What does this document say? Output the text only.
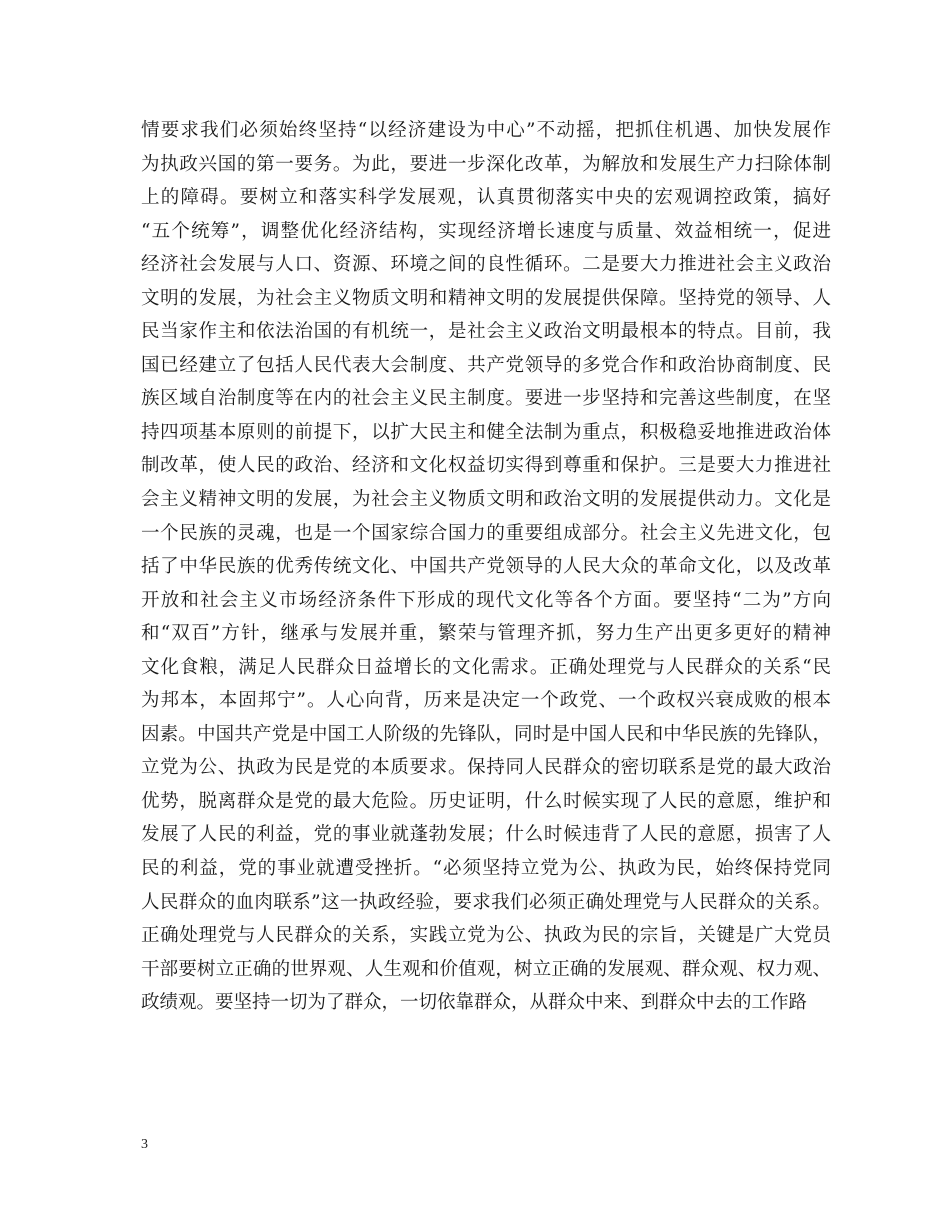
情要求我们必须始终坚持“以经济建设为中心”不动摇，把抓住机遇、加快发展作
为执政兴国的第一要务。为此，要进一步深化改革，为解放和发展生产力扫除体制
上的障碍。要树立和落实科学发展观，认真贯彻落实中央的宏观调控政策，搞好
“五个统筹”，调整优化经济结构，实现经济增长速度与质量、效益相统一，促进
经济社会发展与人口、资源、环境之间的良性循环。二是要大力推进社会主义政治
文明的发展，为社会主义物质文明和精神文明的发展提供保障。坚持党的领导、人
民当家作主和依法治国的有机统一，是社会主义政治文明最根本的特点。目前，我
国已经建立了包括人民代表大会制度、共产党领导的多党合作和政治协商制度、民
族区域自治制度等在内的社会主义民主制度。要进一步坚持和完善这些制度，在坚
持四项基本原则的前提下，以扩大民主和健全法制为重点，积极稳妥地推进政治体
制改革，使人民的政治、经济和文化权益切实得到尊重和保护。三是要大力推进社
会主义精神文明的发展，为社会主义物质文明和政治文明的发展提供动力。文化是
一个民族的灵魂，也是一个国家综合国力的重要组成部分。社会主义先进文化，包
括了中华民族的优秀传统文化、中国共产党领导的人民大众的革命文化，以及改革
开放和社会主义市场经济条件下形成的现代文化等各个方面。要坚持“二为”方向
和“双百”方针，继承与发展并重，繁荣与管理齐抓，努力生产出更多更好的精神
文化食粮，满足人民群众日益增长的文化需求。正确处理党与人民群众的关系“民
为邦本，本固邦宁”。人心向背，历来是决定一个政党、一个政权兴衰成败的根本
因素。中国共产党是中国工人阶级的先锋队，同时是中国人民和中华民族的先锋队，
立党为公、执政为民是党的本质要求。保持同人民群众的密切联系是党的最大政治
优势，脱离群众是党的最大危险。历史证明，什么时候实现了人民的意愿，维护和
发展了人民的利益，党的事业就蓬勃发展；什么时候违背了人民的意愿，损害了人
民的利益，党的事业就遭受挫折。“必须坚持立党为公、执政为民，始终保持党同
人民群众的血肉联系”这一执政经验，要求我们必须正确处理党与人民群众的关系。
正确处理党与人民群众的关系，实践立党为公、执政为民的宗旨，关键是广大党员
干部要树立正确的世界观、人生观和价值观，树立正确的发展观、群众观、权力观、
政绩观。要坚持一切为了群众，一切依靠群众，从群众中来、到群众中去的工作路
3
